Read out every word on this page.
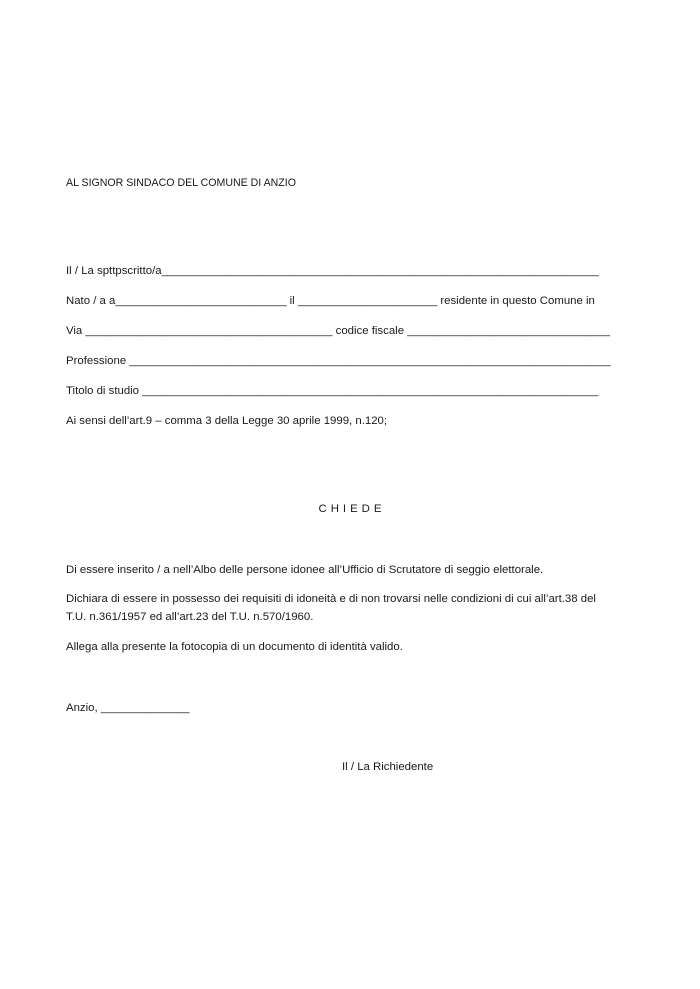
AL SIGNOR SINDACO DEL COMUNE DI ANZIO

Il / La spttpscritto/a_____________________________________________________________________

Nato / a a___________________________ il ______________________ residente in questo Comune in

Via _______________________________________ codice fiscale ________________________________

Professione ____________________________________________________________________________

Titolo di studio ________________________________________________________________________

Ai sensi dell’art.9 – comma 3 della Legge 30 aprile 1999, n.120;

CHIEDE

Di essere inserito / a nell’Albo delle persone idonee all’Ufficio di Scrutatore di seggio elettorale.

Dichiara di essere in possesso dei requisiti di idoneità e di non trovarsi nelle condizioni di cui all’art.38 del

T.U. n.361/1957 ed all’art.23 del T.U. n.570/1960.

Allega alla presente la fotocopia di un documento di identità valido.

Anzio, ______________

Il / La Richiedente
